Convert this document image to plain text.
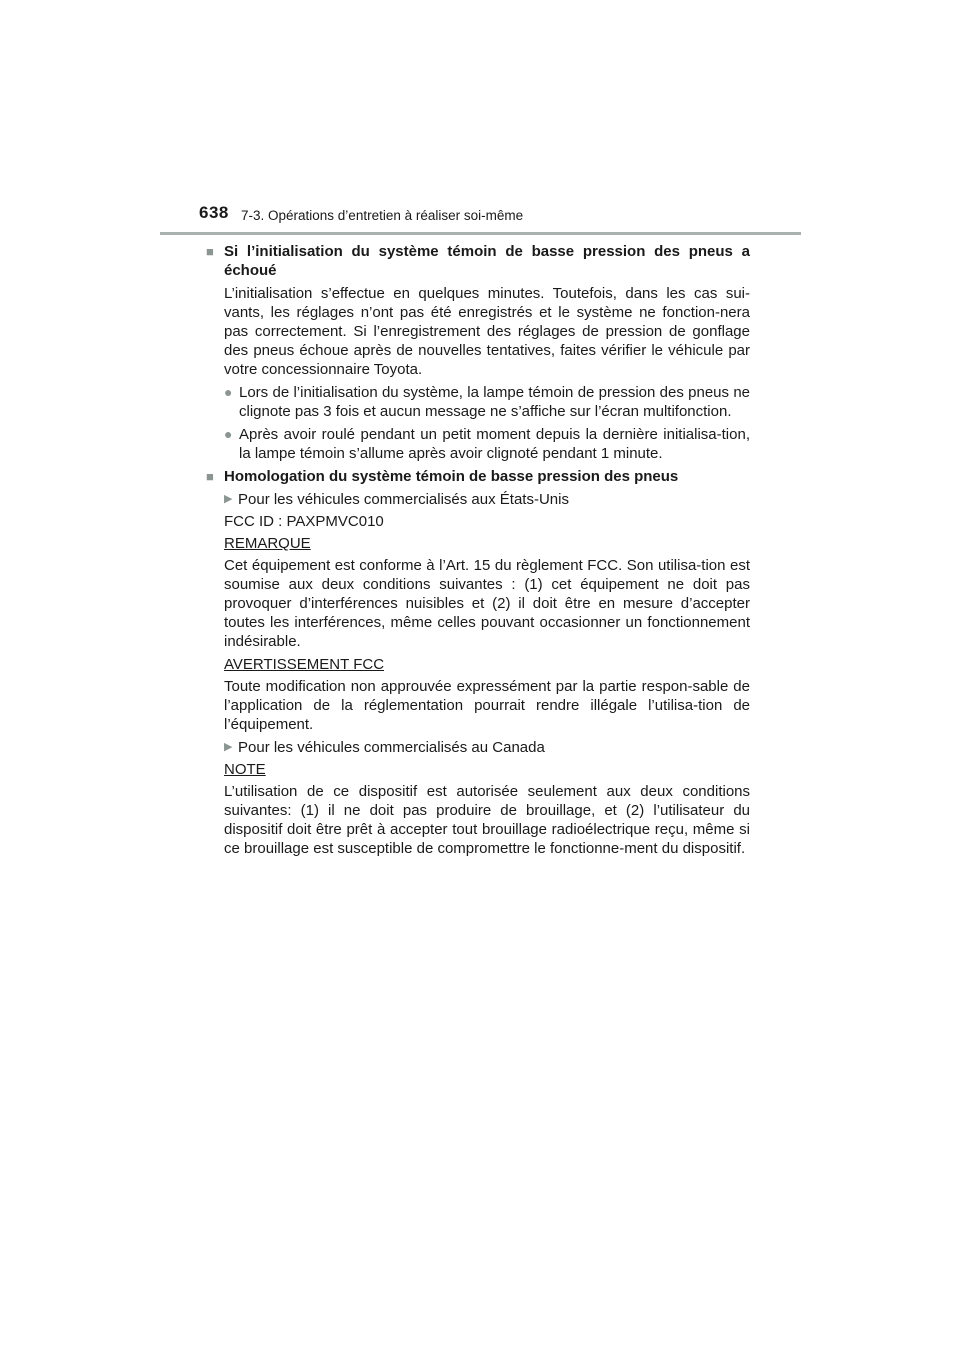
638 7-3. Opérations d’entretien à réaliser soi-même
■ Si l’initialisation du système témoin de basse pression des pneus a échoué
L’initialisation s’effectue en quelques minutes. Toutefois, dans les cas sui-vants, les réglages n’ont pas été enregistrés et le système ne fonction-nera pas correctement. Si l’enregistrement des réglages de pression de gonflage des pneus échoue après de nouvelles tentatives, faites vérifier le véhicule par votre concessionnaire Toyota.
● Lors de l’initialisation du système, la lampe témoin de pression des pneus ne clignote pas 3 fois et aucun message ne s’affiche sur l’écran multifonction.
● Après avoir roulé pendant un petit moment depuis la dernière initialisa-tion, la lampe témoin s’allume après avoir clignoté pendant 1 minute.
■ Homologation du système témoin de basse pression des pneus
▶ Pour les véhicules commercialisés aux États-Unis
FCC ID : PAXPMVC010
REMARQUE
Cet équipement est conforme à l’Art. 15 du règlement FCC. Son utilisa-tion est soumise aux deux conditions suivantes : (1) cet équipement ne doit pas provoquer d’interférences nuisibles et (2) il doit être en mesure d’accepter toutes les interférences, même celles pouvant occasionner un fonctionnement indésirable.
AVERTISSEMENT FCC
Toute modification non approuvée expressément par la partie respon-sable de l’application de la réglementation pourrait rendre illégale l’utilisa-tion de l’équipement.
▶ Pour les véhicules commercialisés au Canada
NOTE
L’utilisation de ce dispositif est autorisée seulement aux deux conditions suivantes: (1) il ne doit pas produire de brouillage, et (2) l’utilisateur du dispositif doit être prêt à accepter tout brouillage radioélectrique reçu, même si ce brouillage est susceptible de compromettre le fonctionne-ment du dispositif.
